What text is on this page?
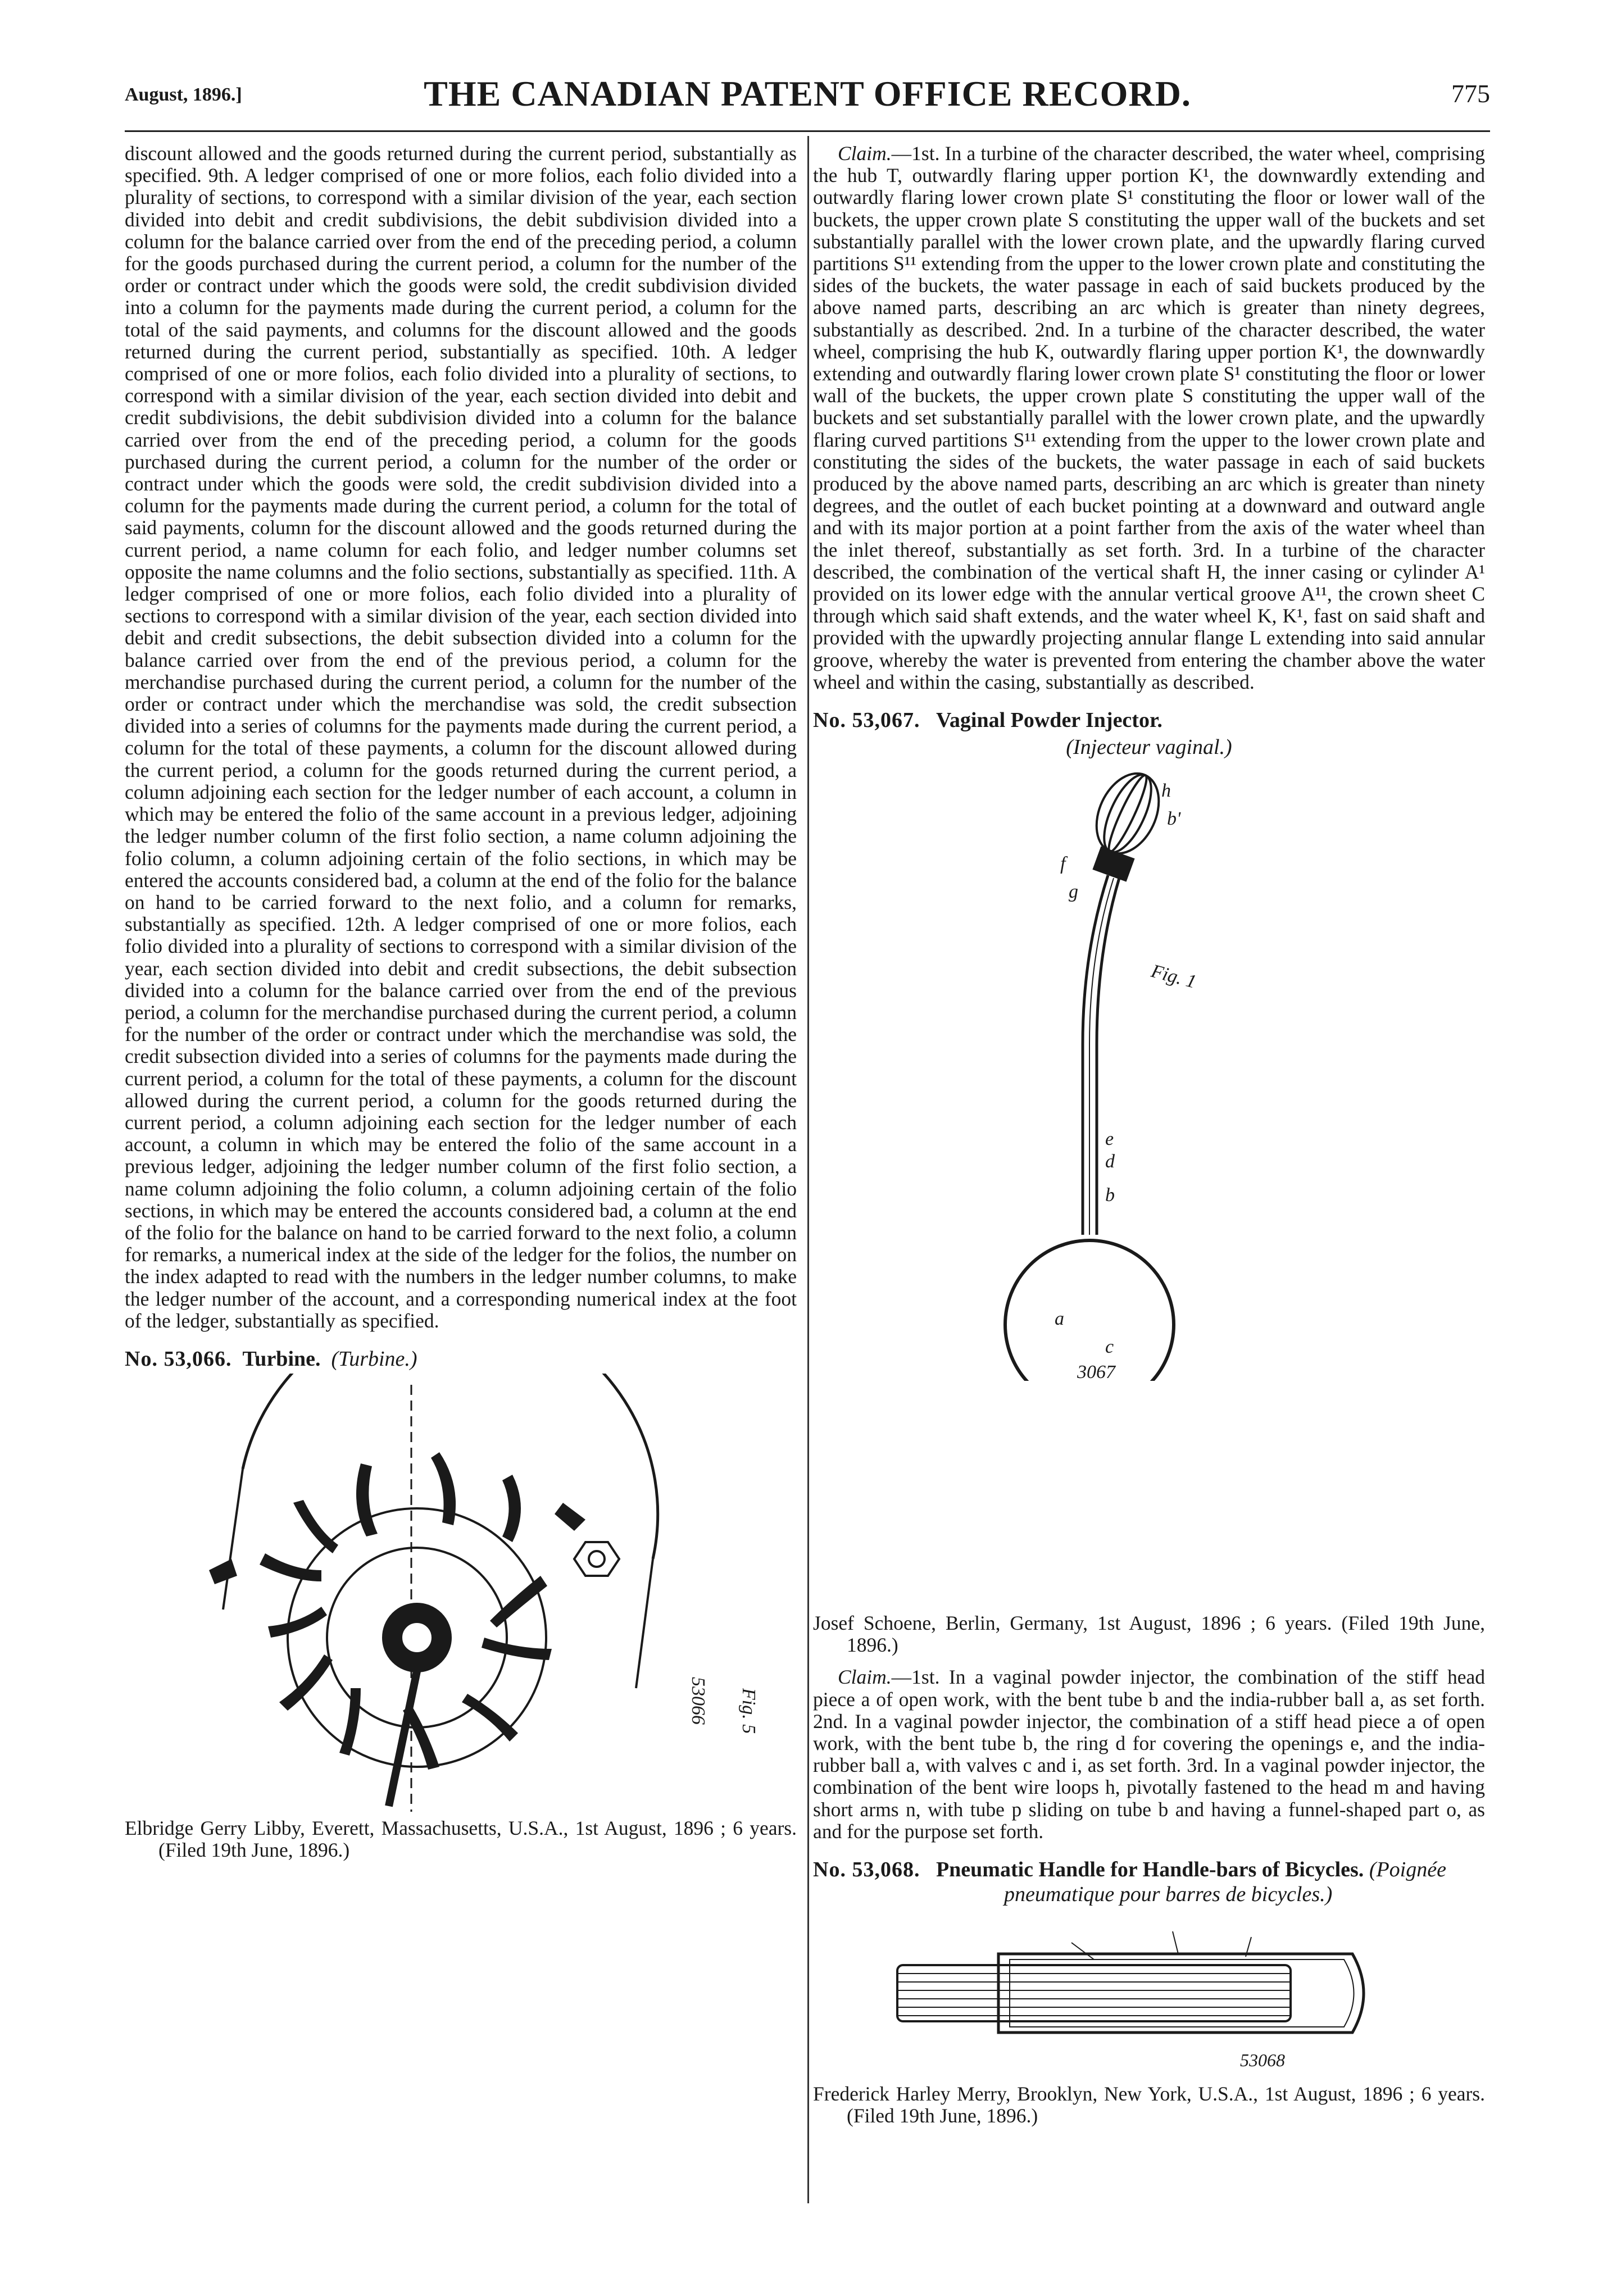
August, 1896.]	THE CANADIAN PATENT OFFICE RECORD.	775

discount allowed and the goods returned during the current period, substantially as specified. 9th. A ledger comprised of one or more folios, each folio divided into a plurality of sections, to correspond with a similar division of the year, each section divided into debit and credit subdivisions, the debit subdivision divided into a column for the balance carried over from the end of the preceding period, a column for the goods purchased during the current period, a column for the number of the order or contract under which the goods were sold, the credit subdivision divided into a column for the payments made during the current period, a column for the total of the said payments, and columns for the discount allowed and the goods returned during the current period, substantially as specified. 10th. A ledger comprised of one or more folios, each folio divided into a plurality of sections, to correspond with a similar division of the year, each section divided into debit and credit subdivisions, the debit subdivision divided into a column for the balance carried over from the end of the preceding period, a column for the goods purchased during the current period, a column for the number of the order or contract under which the goods were sold, the credit subdivision divided into a column for the payments made during the current period, a column for the total of said payments, column for the discount allowed and the goods returned during the current period, a name column for each folio, and ledger number columns set opposite the name columns and the folio sections, substantially as specified. 11th. A ledger comprised of one or more folios, each folio divided into a plurality of sections to correspond with a similar division of the year, each section divided into debit and credit subsections, the debit subsection divided into a column for the balance carried over from the end of the previous period, a column for the merchandise purchased during the current period, a column for the number of the order or contract under which the merchandise was sold, the credit subsection divided into a series of columns for the payments made during the current period, a column for the total of these payments, a column for the discount allowed during the current period, a column for the goods returned during the current period, a column adjoining each section for the ledger number of each account, a column in which may be entered the folio of the same account in a previous ledger, adjoining the ledger number column of the first folio section, a name column adjoining the folio column, a column adjoining certain of the folio sections, in which may be entered the accounts considered bad, a column at the end of the folio for the balance on hand to be carried forward to the next folio, and a column for remarks, substantially as specified. 12th. A ledger comprised of one or more folios, each folio divided into a plurality of sections to correspond with a similar division of the year, each section divided into debit and credit subsections, the debit subsection divided into a column for the balance carried over from the end of the previous period, a column for the merchandise purchased during the current period, a column for the number of the order or contract under which the merchandise was sold, the credit subsection divided into a series of columns for the payments made during the current period, a column for the total of these payments, a column for the discount allowed during the current period, a column for the goods returned during the current period, a column adjoining each section for the ledger number of each account, a column in which may be entered the folio of the same account in a previous ledger, adjoining the ledger number column of the first folio section, a name column adjoining the folio column, a column adjoining certain of the folio sections, in which may be entered the accounts considered bad, a column at the end of the folio for the balance on hand to be carried forward to the next folio, a column for remarks, a numerical index at the side of the ledger for the folios, the number on the index adapted to read with the numbers in the ledger number columns, to make the ledger number of the account, and a corresponding numerical index at the foot of the ledger, substantially as specified.

No. 53,066. Turbine. (Turbine.)
53066 Fig. 5

Elbridge Gerry Libby, Everett, Massachusetts, U.S.A., 1st August, 1896 ; 6 years. (Filed 19th June, 1896.)

Claim.—1st. In a turbine of the character described, the water wheel, comprising the hub T, outwardly flaring upper portion K¹, the downwardly extending and outwardly flaring lower crown plate S¹ constituting the floor or lower wall of the buckets, the upper crown plate S constituting the upper wall of the buckets and set substantially parallel with the lower crown plate, and the upwardly flaring curved partitions S¹¹ extending from the upper to the lower crown plate and constituting the sides of the buckets, the water passage in each of said buckets produced by the above named parts, describing an arc which is greater than ninety degrees, substantially as described. 2nd. In a turbine of the character described, the water wheel, comprising the hub K, outwardly flaring upper portion K¹, the downwardly extending and outwardly flaring lower crown plate S¹ constituting the floor or lower wall of the buckets, the upper crown plate S constituting the upper wall of the buckets and set substantially parallel with the lower crown plate, and the upwardly flaring curved partitions S¹¹ extending from the upper to the lower crown plate and constituting the sides of the buckets, the water passage in each of said buckets produced by the above named parts, describing an arc which is greater than ninety degrees, and the outlet of each bucket pointing at a downward and outward angle and with its major portion at a point farther from the axis of the water wheel than the inlet thereof, substantially as set forth. 3rd. In a turbine of the character described, the combination of the vertical shaft H, the inner casing or cylinder A¹ provided on its lower edge with the annular vertical groove A¹¹, the crown sheet C through which said shaft extends, and the water wheel K, K¹, fast on said shaft and provided with the upwardly projecting annular flange L extending into said annular groove, whereby the water is prevented from entering the chamber above the water wheel and within the casing, substantially as described.

No. 53,067. Vaginal Powder Injector.
(Injecteur vaginal.)
Fig. 1
h
b'
f
g
e
d
b
a
c
3067

Josef Schoene, Berlin, Germany, 1st August, 1896 ; 6 years. (Filed 19th June, 1896.)

Claim.—1st. In a vaginal powder injector, the combination of the stiff head piece a of open work, with the bent tube b and the india-rubber ball a, as set forth. 2nd. In a vaginal powder injector, the combination of a stiff head piece a of open work, with the bent tube b, the ring d for covering the openings e, and the india-rubber ball a, with valves c and i, as set forth. 3rd. In a vaginal powder injector, the combination of the bent wire loops h, pivotally fastened to the head m and having short arms n, with tube p sliding on tube b and having a funnel-shaped part o, as and for the purpose set forth.

No. 53,068. Pneumatic Handle for Handle-bars of Bicycles. (Poignée pneumatique pour barres de bicycles.)
53068

Frederick Harley Merry, Brooklyn, New York, U.S.A., 1st August, 1896 ; 6 years. (Filed 19th June, 1896.)
